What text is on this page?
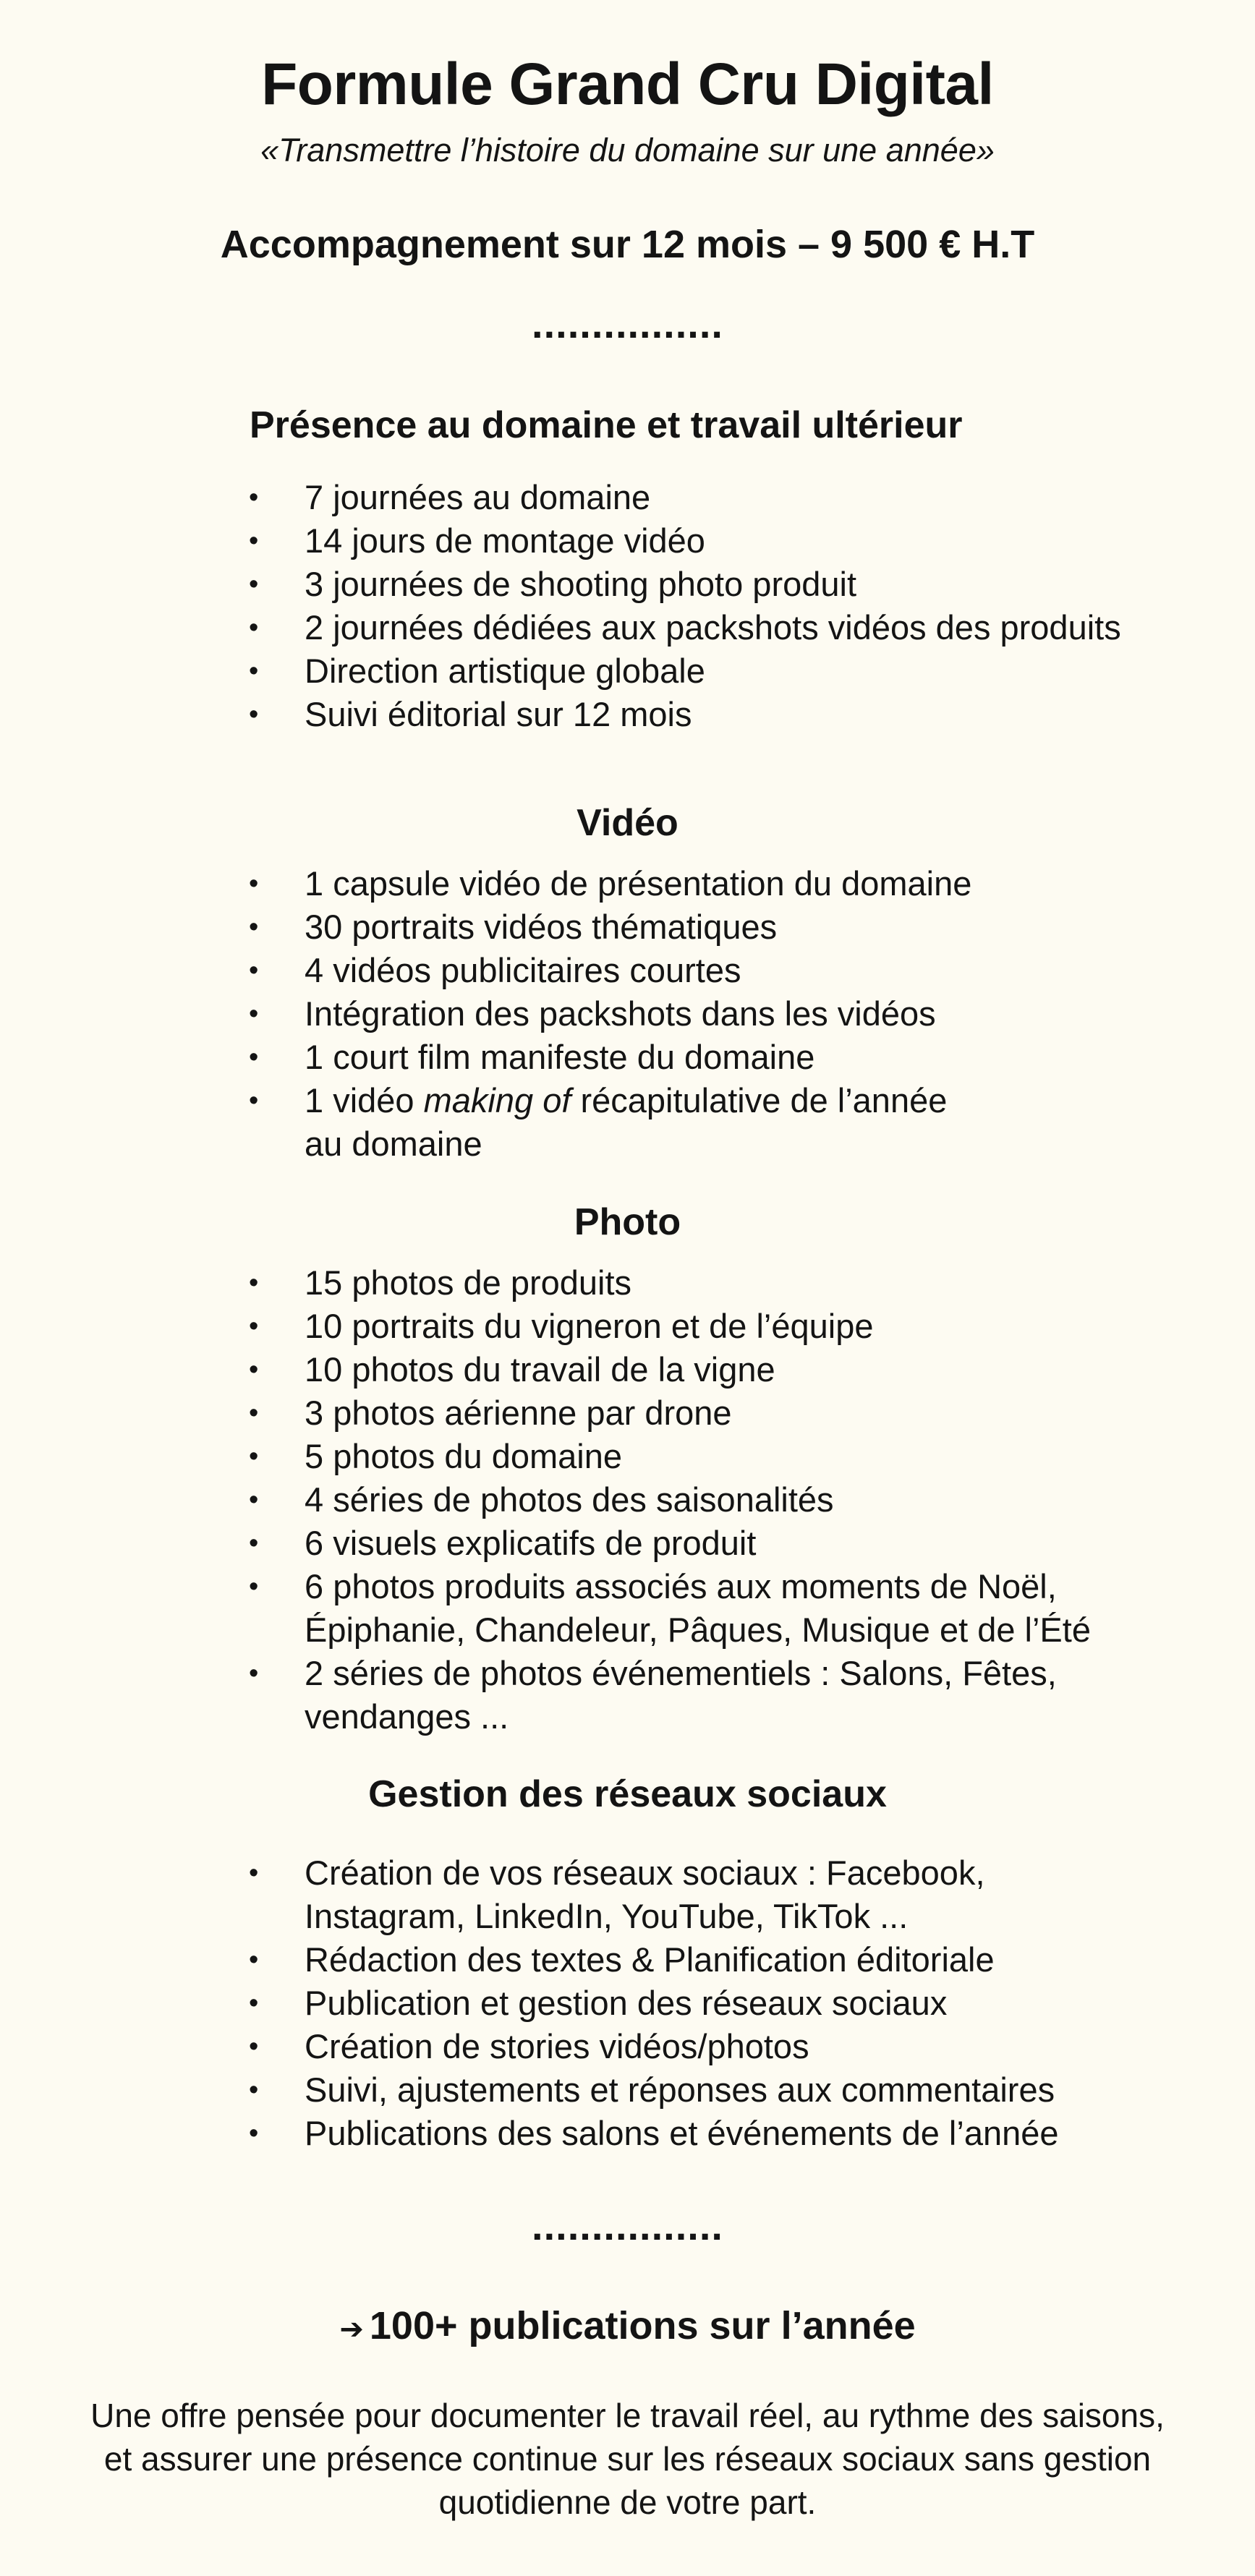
Formule Grand Cru Digital
«Transmettre l’histoire du domaine sur une année»
Accompagnement sur 12 mois – 9 500 € H.T
................
Présence au domaine et travail ultérieur
•	7 journées au domaine
•	14 jours de montage vidéo
•	3 journées de shooting photo produit
•	2 journées dédiées aux packshots vidéos des produits
•	Direction artistique globale
•	Suivi éditorial sur 12 mois
Vidéo
•	1 capsule vidéo de présentation du domaine
•	30 portraits vidéos thématiques
•	4 vidéos publicitaires courtes
•	Intégration des packshots dans les vidéos
•	1 court film manifeste du domaine
•	1 vidéo making of récapitulative de l’année
au domaine
Photo
•	15 photos de produits
•	10 portraits du vigneron et de l’équipe
•	10 photos du travail de la vigne
•	3 photos aérienne par drone
•	5 photos du domaine
•	4 séries de photos des saisonalités
•	6 visuels explicatifs de produit
•	6 photos produits associés aux moments de Noël,
Épiphanie, Chandeleur, Pâques, Musique et de l’Été
•	2 séries de photos événementiels : Salons, Fêtes,
vendanges ...
Gestion des réseaux sociaux
•	Création de vos réseaux sociaux : Facebook,
Instagram, LinkedIn, YouTube, TikTok ...
•	Rédaction des textes & Planification éditoriale
•	Publication et gestion des réseaux sociaux
•	Création de stories vidéos/photos
•	Suivi, ajustements et réponses aux commentaires
•	Publications des salons et événements de l’année
................
➔ 100+ publications sur l’année
Une offre pensée pour documenter le travail réel, au rythme des saisons,
et assurer une présence continue sur les réseaux sociaux sans gestion
quotidienne de votre part.
